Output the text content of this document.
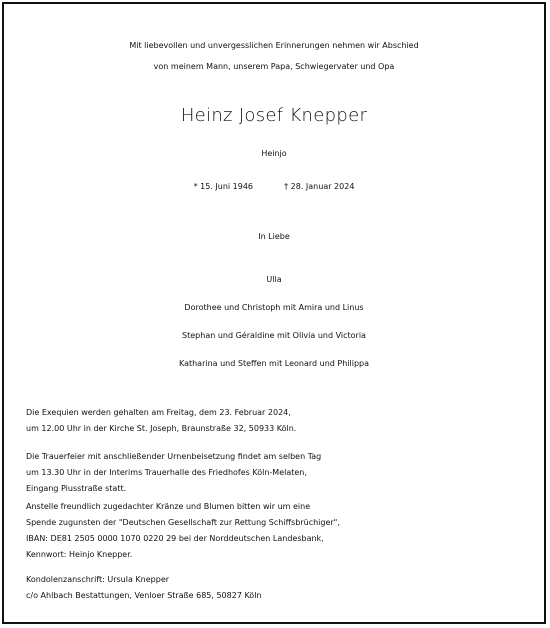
Mit liebevollen und unvergesslichen Erinnerungen nehmen wir Abschied
von meinem Mann, unserem Papa, Schwiegervater und Opa
Heinz Josef Knepper
Heinjo
* 15. Juni 1946	† 28. Januar 2024
In Liebe
Ulla
Dorothee und Christoph mit Amira und Linus
Stephan und Géraldine mit Olivia und Victoria
Katharina und Steffen mit Leonard und Philippa
Die Exequien werden gehalten am Freitag, dem 23. Februar 2024,
um 12.00 Uhr in der Kirche St. Joseph, Braunstraße 32, 50933 Köln.
Die Trauerfeier mit anschließender Urnenbeisetzung findet am selben Tag
um 13.30 Uhr in der Interims Trauerhalle des Friedhofes Köln-Melaten,
Eingang Piusstraße statt.
Anstelle freundlich zugedachter Kränze und Blumen bitten wir um eine
Spende zugunsten der "Deutschen Gesellschaft zur Rettung Schiffsbrüchiger",
IBAN: DE81 2505 0000 1070 0220 29 bei der Norddeutschen Landesbank,
Kennwort: Heinjo Knepper.
Kondolenzanschrift: Ursula Knepper
c/o Ahlbach Bestattungen, Venloer Straße 685, 50827 Köln
